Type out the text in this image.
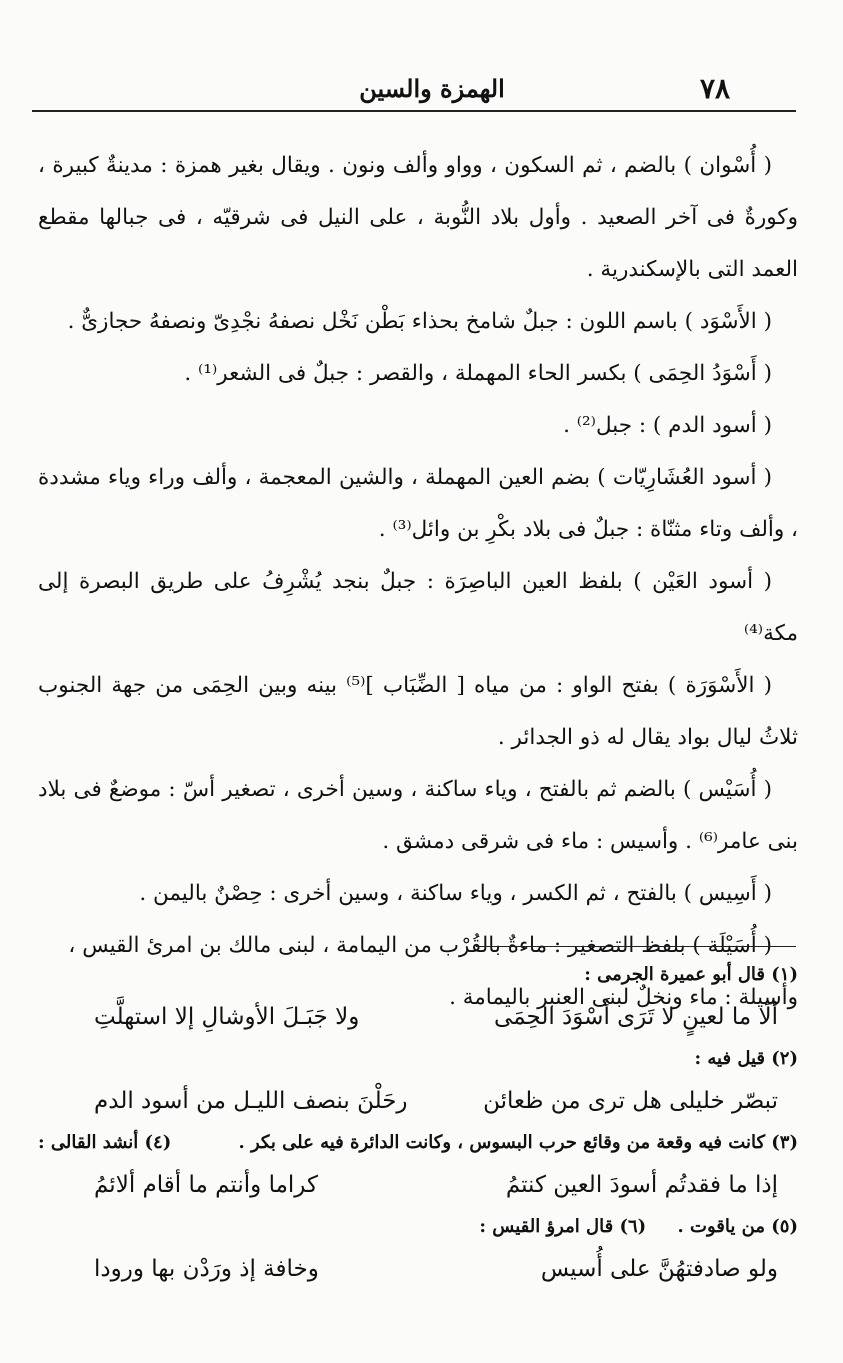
٧٨
الهمزة والسين

( أُسْوان ) بالضم ، ثم السكون ، وواو وألف ونون . ويقال بغير همزة : مدينةٌ كبيرة ، وكورةٌ فى آخر الصعيد . وأول بلاد النُّوبة ، على النيل فى شرقيّه ، فى جبالها مقطع العمد التى بالإسكندرية .

( الأَسْوَد ) باسم اللون : جبلٌ شامخ بحذاء بَطْن نَخْل نصفهُ نجْدِىّ ونصفهُ حجازىٌّ .

( أَسْوَدُ الحِمَى ) بكسر الحاء المهملة ، والقصر : جبلٌ فى الشعر⁽¹⁾ .

( أسود الدم ) : جبل⁽²⁾ .

( أسود العُشَارِيّات ) بضم العين المهملة ، والشين المعجمة ، وألف وراء وياء مشددة ، وألف وتاء مثنّاة : جبلٌ فى بلاد بكْرِ بن وائل⁽³⁾ .

( أسود العَيْن ) بلفظ العين الباصِرَة : جبلٌ بنجد يُشْرِفُ على طريق البصرة إلى مكة⁽⁴⁾

( الأَسْوَرَة ) بفتح الواو : من مياه [ الضِّبَاب ]⁽⁵⁾ بينه وبين الحِمَى من جهة الجنوب ثلاثُ ليال بواد يقال له ذو الجدائر .

( أُسَيْس ) بالضم ثم بالفتح ، وياء ساكنة ، وسين أخرى ، تصغير أسّ : موضعٌ فى بلاد بنى عامر⁽⁶⁾ . وأسيس : ماء فى شرقى دمشق .

( أَسِيس ) بالفتح ، ثم الكسر ، وياء ساكنة ، وسين أخرى : حِصْنٌ باليمن .

( أُسَيْلَة ) بلفظ التصغير : ماءةٌ بالقُرْب من اليمامة ، لبنى مالك بن امرئ القيس ، وأسيلة : ماء ونخلٌ لبنى العنبر باليمامة .

(١) قال أبو عميرة الجرمى :
ألَا ما لعينٍ لا تَرَى أَسْوَدَ الحِمَى
ولا جَبَـلَ الأوشالِ إلا استهلَّتِ
(٢) قيل فيه :
تبصّر خليلى هل ترى من ظعائن
رحَلْنَ بنصف الليـل من أسود الدم
(٣) كانت فيه وقعة من وقائع حرب البسوس ، وكانت الدائرة فيه على بكر .
(٤) أنشد القالى :
إذا ما فقدتُم أسودَ العين كنتمُ
كراما وأنتم ما أقام ألائمُ
(٥) من ياقوت .     (٦) قال امرؤ القيس :
ولو صادفتهُنَّ على أُسيس
وخافة إذ ورَدْن بها ورودا
